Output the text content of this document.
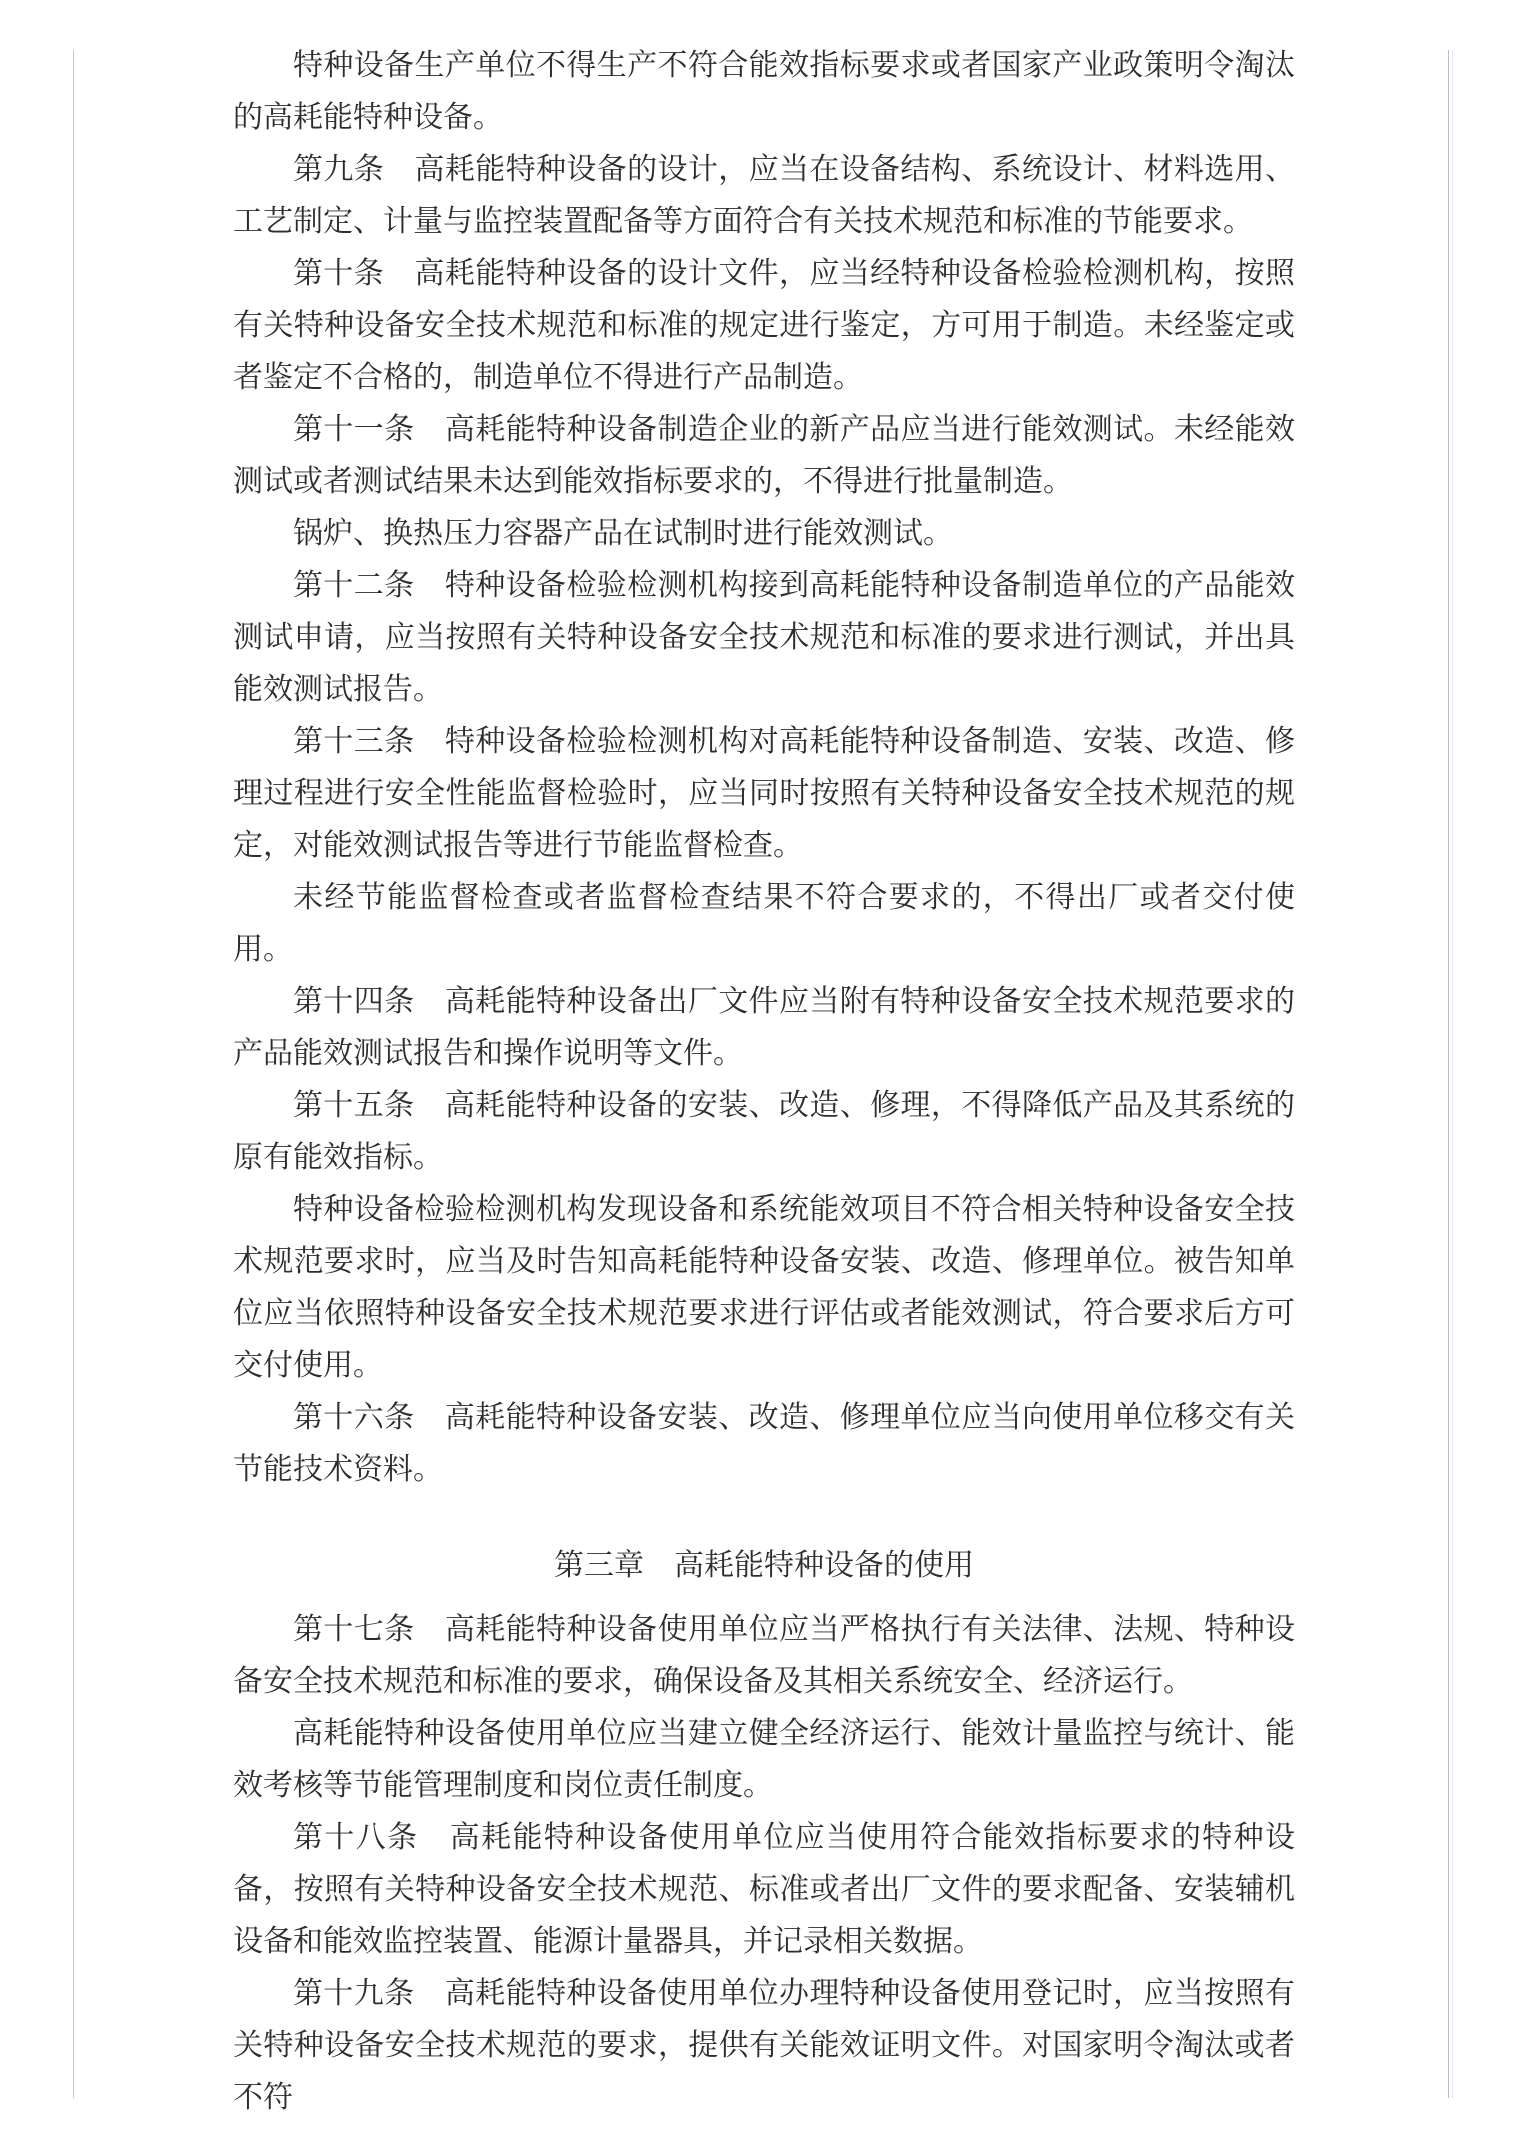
特种设备生产单位不得生产不符合能效指标要求或者国家产业政策明令淘汰的高耗能特种设备。

第九条　高耗能特种设备的设计，应当在设备结构、系统设计、材料选用、工艺制定、计量与监控装置配备等方面符合有关技术规范和标准的节能要求。

第十条　高耗能特种设备的设计文件，应当经特种设备检验检测机构，按照有关特种设备安全技术规范和标准的规定进行鉴定，方可用于制造。未经鉴定或者鉴定不合格的，制造单位不得进行产品制造。

第十一条　高耗能特种设备制造企业的新产品应当进行能效测试。未经能效测试或者测试结果未达到能效指标要求的，不得进行批量制造。

锅炉、换热压力容器产品在试制时进行能效测试。

第十二条　特种设备检验检测机构接到高耗能特种设备制造单位的产品能效测试申请，应当按照有关特种设备安全技术规范和标准的要求进行测试，并出具能效测试报告。

第十三条　特种设备检验检测机构对高耗能特种设备制造、安装、改造、修理过程进行安全性能监督检验时，应当同时按照有关特种设备安全技术规范的规定，对能效测试报告等进行节能监督检查。

未经节能监督检查或者监督检查结果不符合要求的，不得出厂或者交付使用。

第十四条　高耗能特种设备出厂文件应当附有特种设备安全技术规范要求的产品能效测试报告和操作说明等文件。

第十五条　高耗能特种设备的安装、改造、修理，不得降低产品及其系统的原有能效指标。

特种设备检验检测机构发现设备和系统能效项目不符合相关特种设备安全技术规范要求时，应当及时告知高耗能特种设备安装、改造、修理单位。被告知单位应当依照特种设备安全技术规范要求进行评估或者能效测试，符合要求后方可交付使用。

第十六条　高耗能特种设备安装、改造、修理单位应当向使用单位移交有关节能技术资料。

第三章　高耗能特种设备的使用

第十七条　高耗能特种设备使用单位应当严格执行有关法律、法规、特种设备安全技术规范和标准的要求，确保设备及其相关系统安全、经济运行。

高耗能特种设备使用单位应当建立健全经济运行、能效计量监控与统计、能效考核等节能管理制度和岗位责任制度。

第十八条　高耗能特种设备使用单位应当使用符合能效指标要求的特种设备，按照有关特种设备安全技术规范、标准或者出厂文件的要求配备、安装辅机设备和能效监控装置、能源计量器具，并记录相关数据。

第十九条　高耗能特种设备使用单位办理特种设备使用登记时，应当按照有关特种设备安全技术规范的要求，提供有关能效证明文件。对国家明令淘汰或者不符
